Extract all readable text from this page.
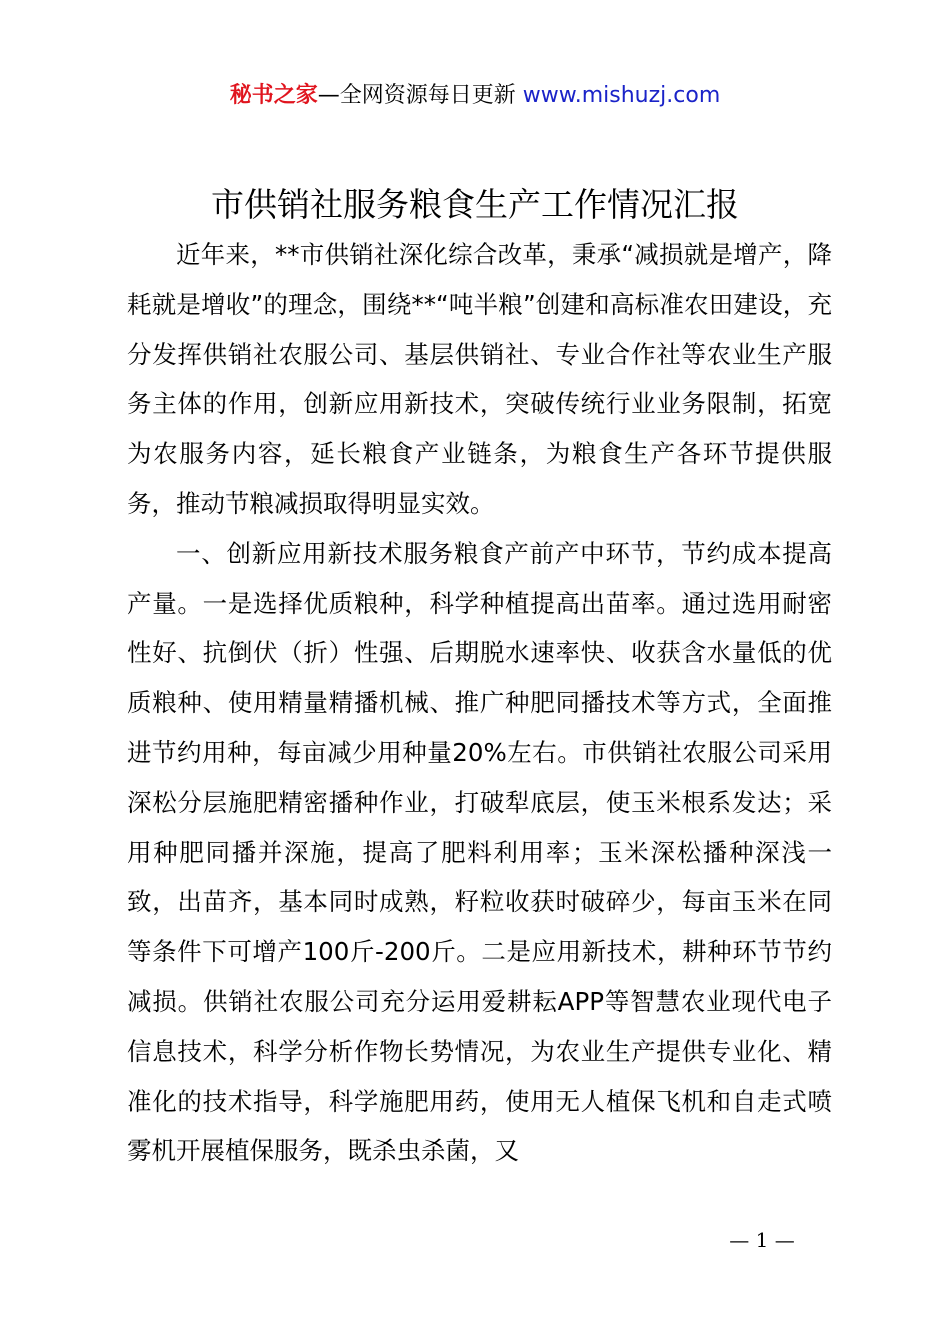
秘书之家—全网资源每日更新 www.mishuzj.com
市供销社服务粮食生产工作情况汇报

近年来，**市供销社深化综合改革，秉承“减损就是增产，降耗就是增收”的理念，围绕**“吨半粮”创建和高标准农田建设，充分发挥供销社农服公司、基层供销社、专业合作社等农业生产服务主体的作用，创新应用新技术，突破传统行业业务限制，拓宽为农服务内容，延长粮食产业链条，为粮食生产各环节提供服务，推动节粮减损取得明显实效。

一、创新应用新技术服务粮食产前产中环节，节约成本提高产量。一是选择优质粮种，科学种植提高出苗率。通过选用耐密性好、抗倒伏（折）性强、后期脱水速率快、收获含水量低的优质粮种、使用精量精播机械、推广种肥同播技术等方式，全面推进节约用种，每亩减少用种量20%左右。市供销社农服公司采用深松分层施肥精密播种作业，打破犁底层，使玉米根系发达；采用种肥同播并深施，提高了肥料利用率；玉米深松播种深浅一致，出苗齐，基本同时成熟，籽粒收获时破碎少，每亩玉米在同等条件下可增产100斤-200斤。二是应用新技术，耕种环节节约减损。供销社农服公司充分运用爱耕耘APP等智慧农业现代电子信息技术，科学分析作物长势情况，为农业生产提供专业化、精准化的技术指导，科学施肥用药，使用无人植保飞机和自走式喷雾机开展植保服务，既杀虫杀菌，又

— 1 —
